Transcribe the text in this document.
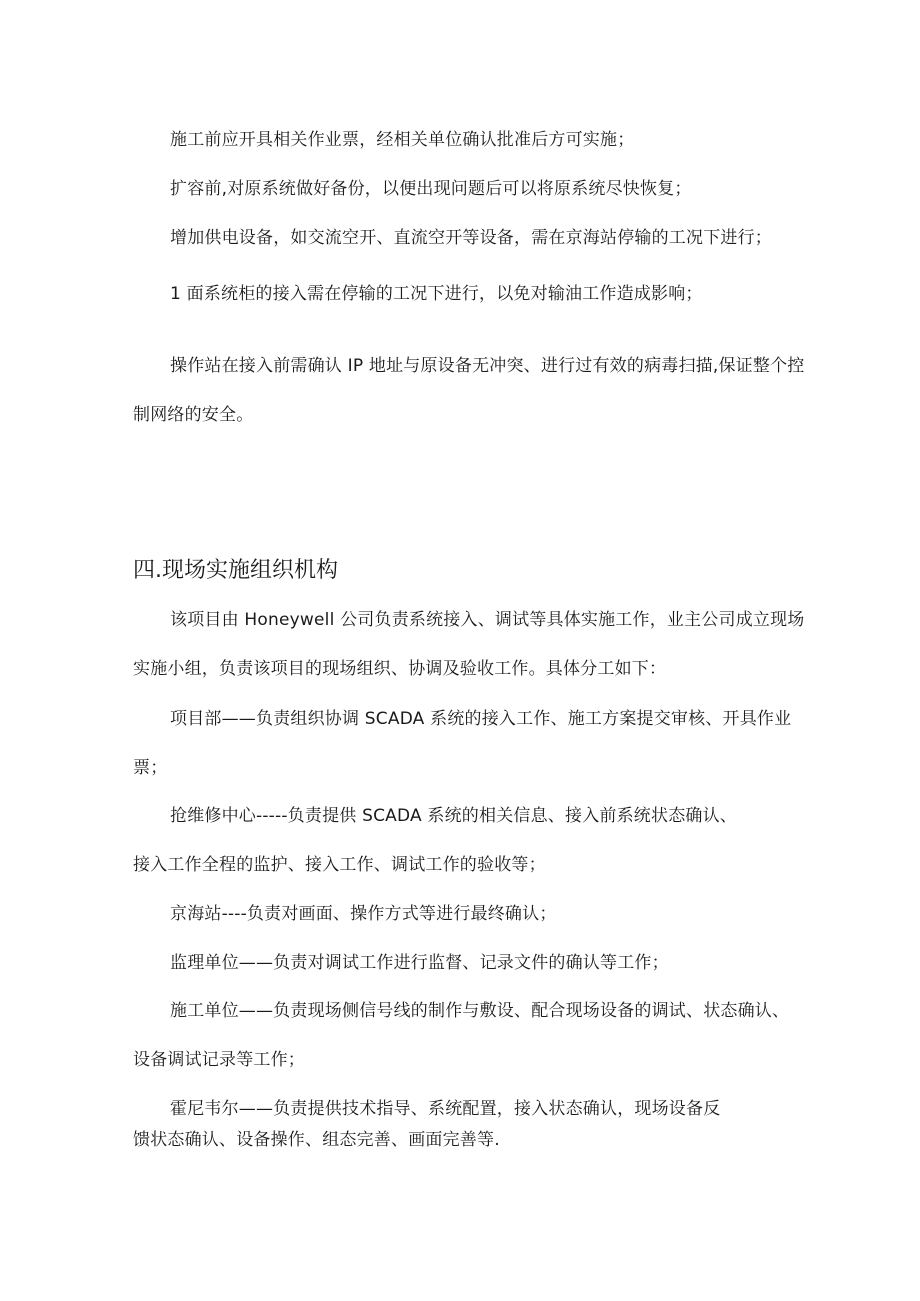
施工前应开具相关作业票，经相关单位确认批准后方可实施；
扩容前,对原系统做好备份，以便出现问题后可以将原系统尽快恢复；
增加供电设备，如交流空开、直流空开等设备，需在京海站停输的工况下进行；
1 面系统柜的接入需在停输的工况下进行，以免对输油工作造成影响；
操作站在接入前需确认 IP 地址与原设备无冲突、进行过有效的病毒扫描,保证整个控
制网络的安全。
四.现场实施组织机构
该项目由 Honeywell 公司负责系统接入、调试等具体实施工作，业主公司成立现场
实施小组，负责该项目的现场组织、协调及验收工作。具体分工如下：
项目部——负责组织协调 SCADA 系统的接入工作、施工方案提交审核、开具作业
票；
抢维修中心-----负责提供 SCADA 系统的相关信息、接入前系统状态确认、
接入工作全程的监护、接入工作、调试工作的验收等；
京海站----负责对画面、操作方式等进行最终确认；
监理单位——负责对调试工作进行监督、记录文件的确认等工作；
施工单位——负责现场侧信号线的制作与敷设、配合现场设备的调试、状态确认、
设备调试记录等工作；
霍尼韦尔——负责提供技术指导、系统配置，接入状态确认，现场设备反
馈状态确认、设备操作、组态完善、画面完善等.
